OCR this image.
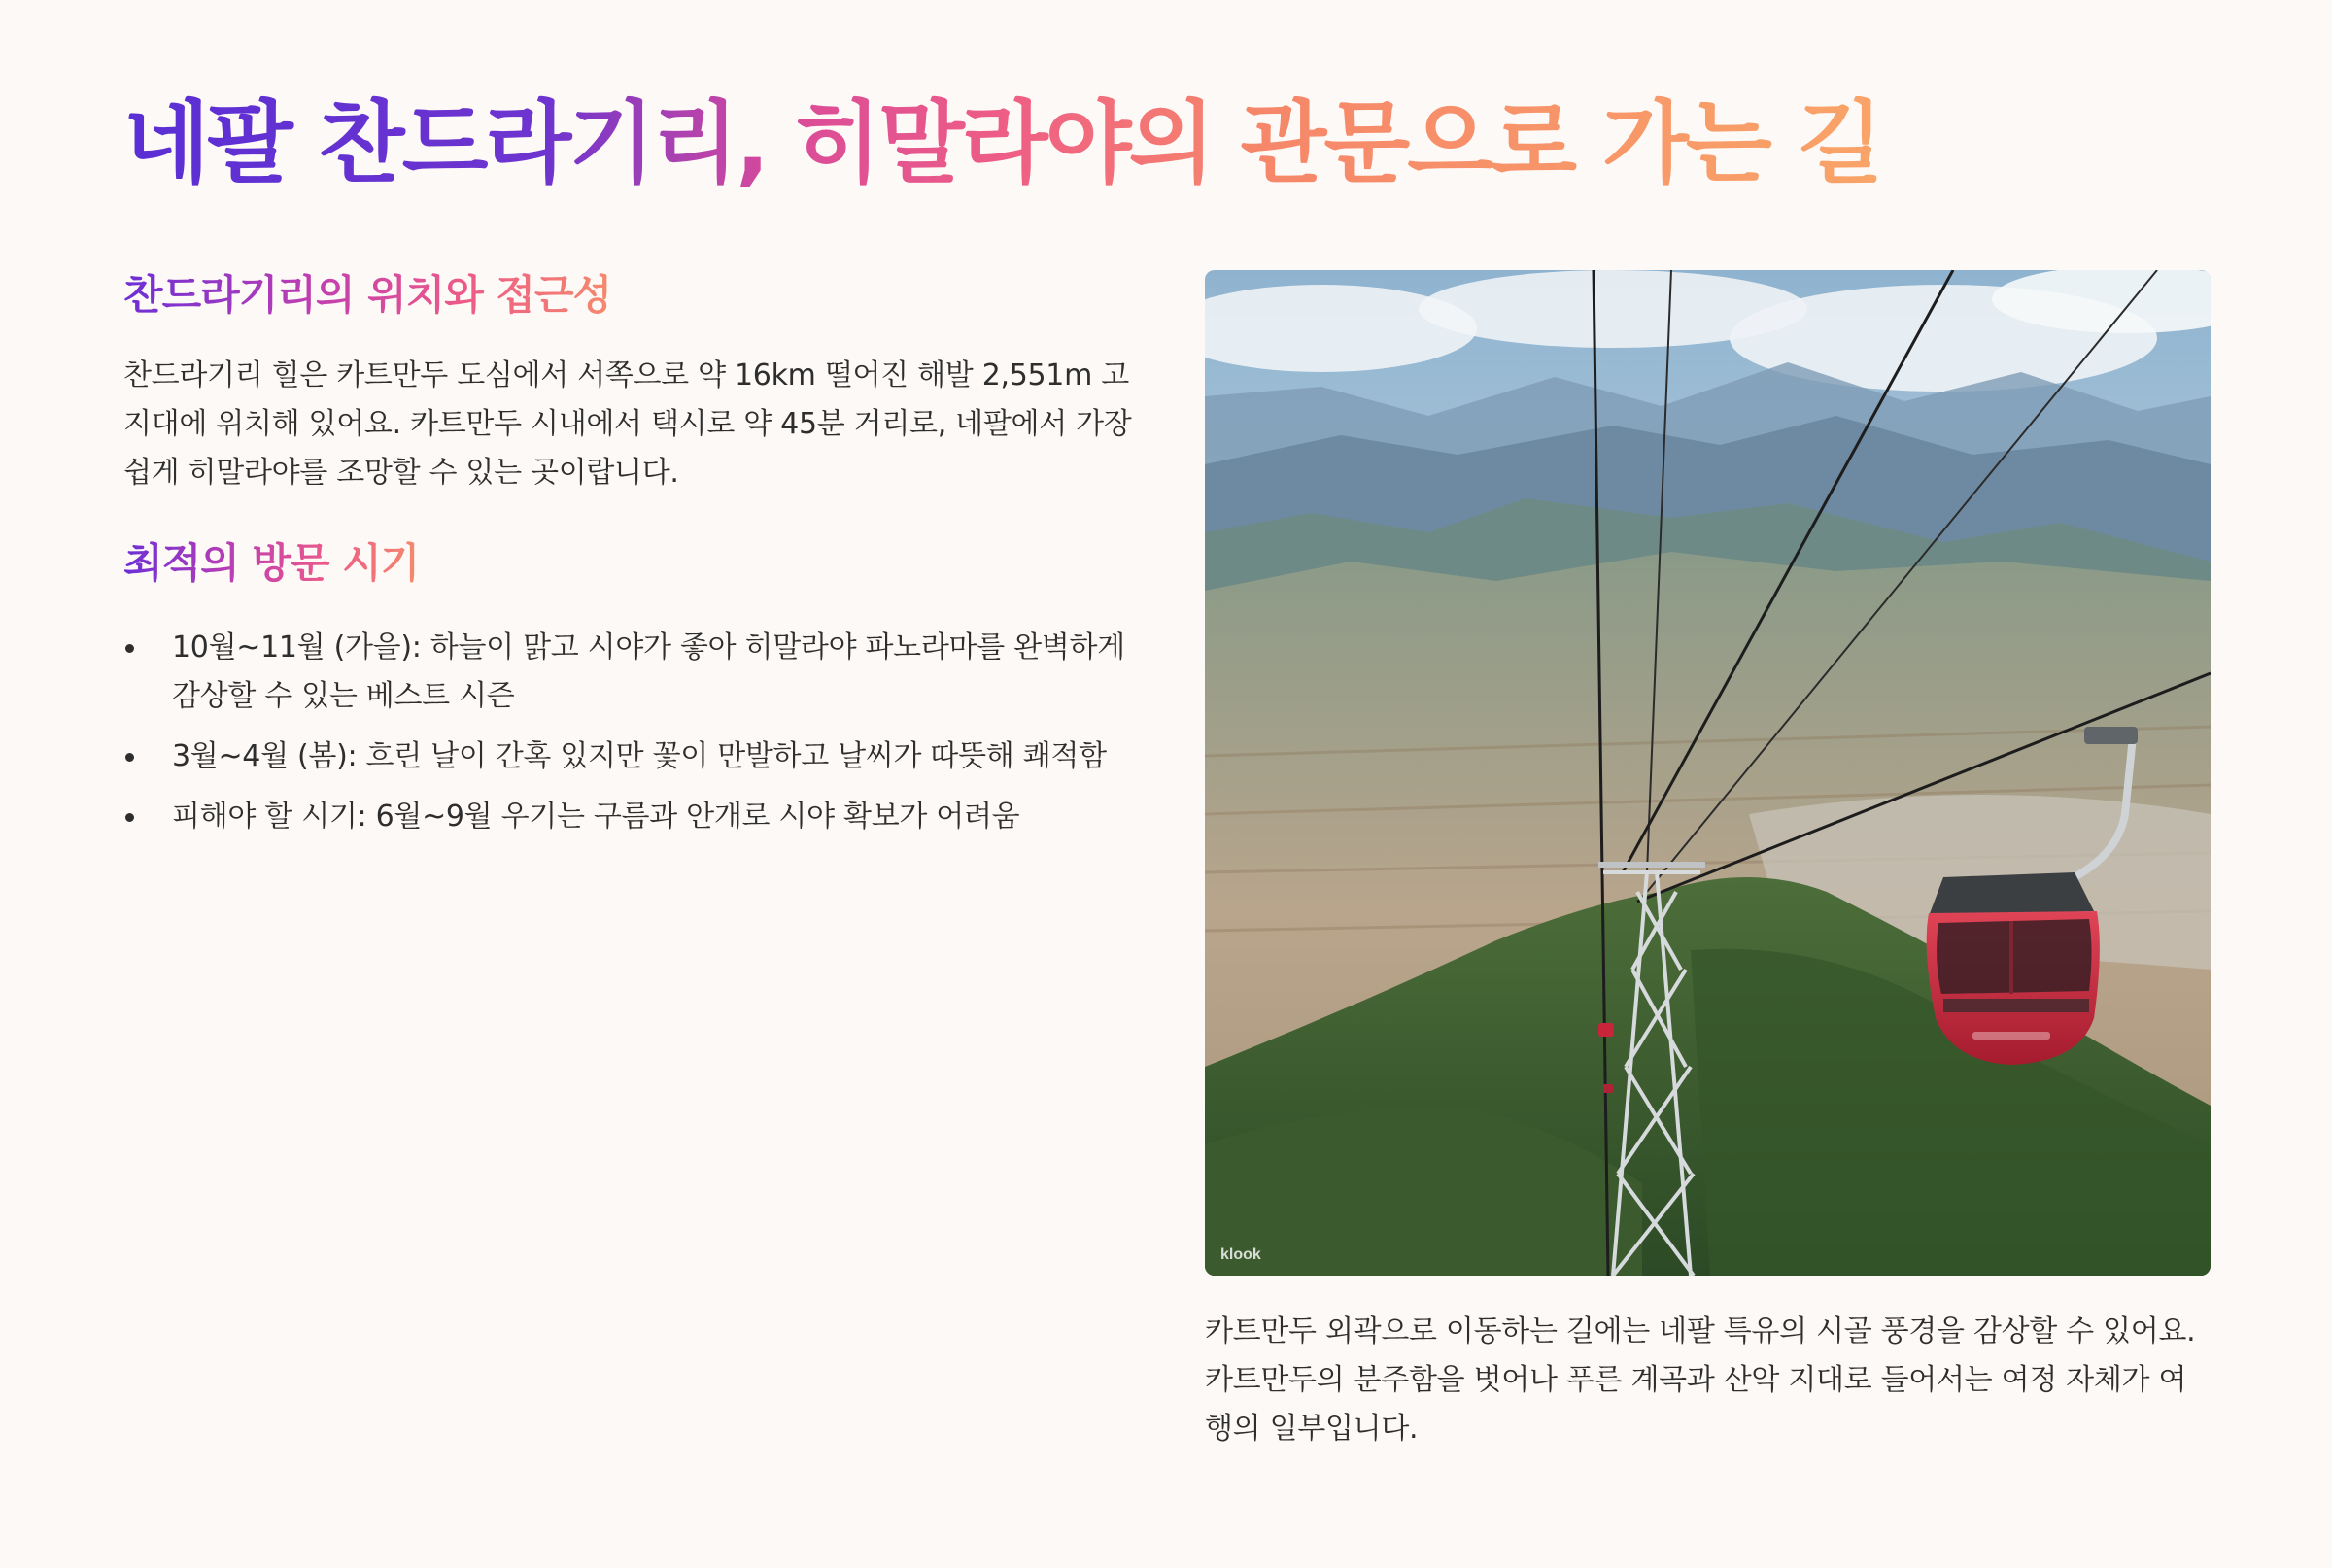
네팔 찬드라기리, 히말라야의 관문으로 가는 길
찬드라기리의 위치와 접근성

찬드라기리 힐은 카트만두 도심에서 서쪽으로 약 16km 떨어진 해발 2,551m 고지대에 위치해 있어요. 카트만두 시내에서 택시로 약 45분 거리로, 네팔에서 가장 쉽게 히말라야를 조망할 수 있는 곳이랍니다.

최적의 방문 시기
10월~11월 (가을): 하늘이 맑고 시야가 좋아 히말라야 파노라마를 완벽하게 감상할 수 있는 베스트 시즌
3월~4월 (봄): 흐린 날이 간혹 있지만 꽃이 만발하고 날씨가 따뜻해 쾌적함
피해야 할 시기: 6월~9월 우기는 구름과 안개로 시야 확보가 어려움
klook

카트만두 외곽으로 이동하는 길에는 네팔 특유의 시골 풍경을 감상할 수 있어요. 카트만두의 분주함을 벗어나 푸른 계곡과 산악 지대로 들어서는 여정 자체가 여행의 일부입니다.
